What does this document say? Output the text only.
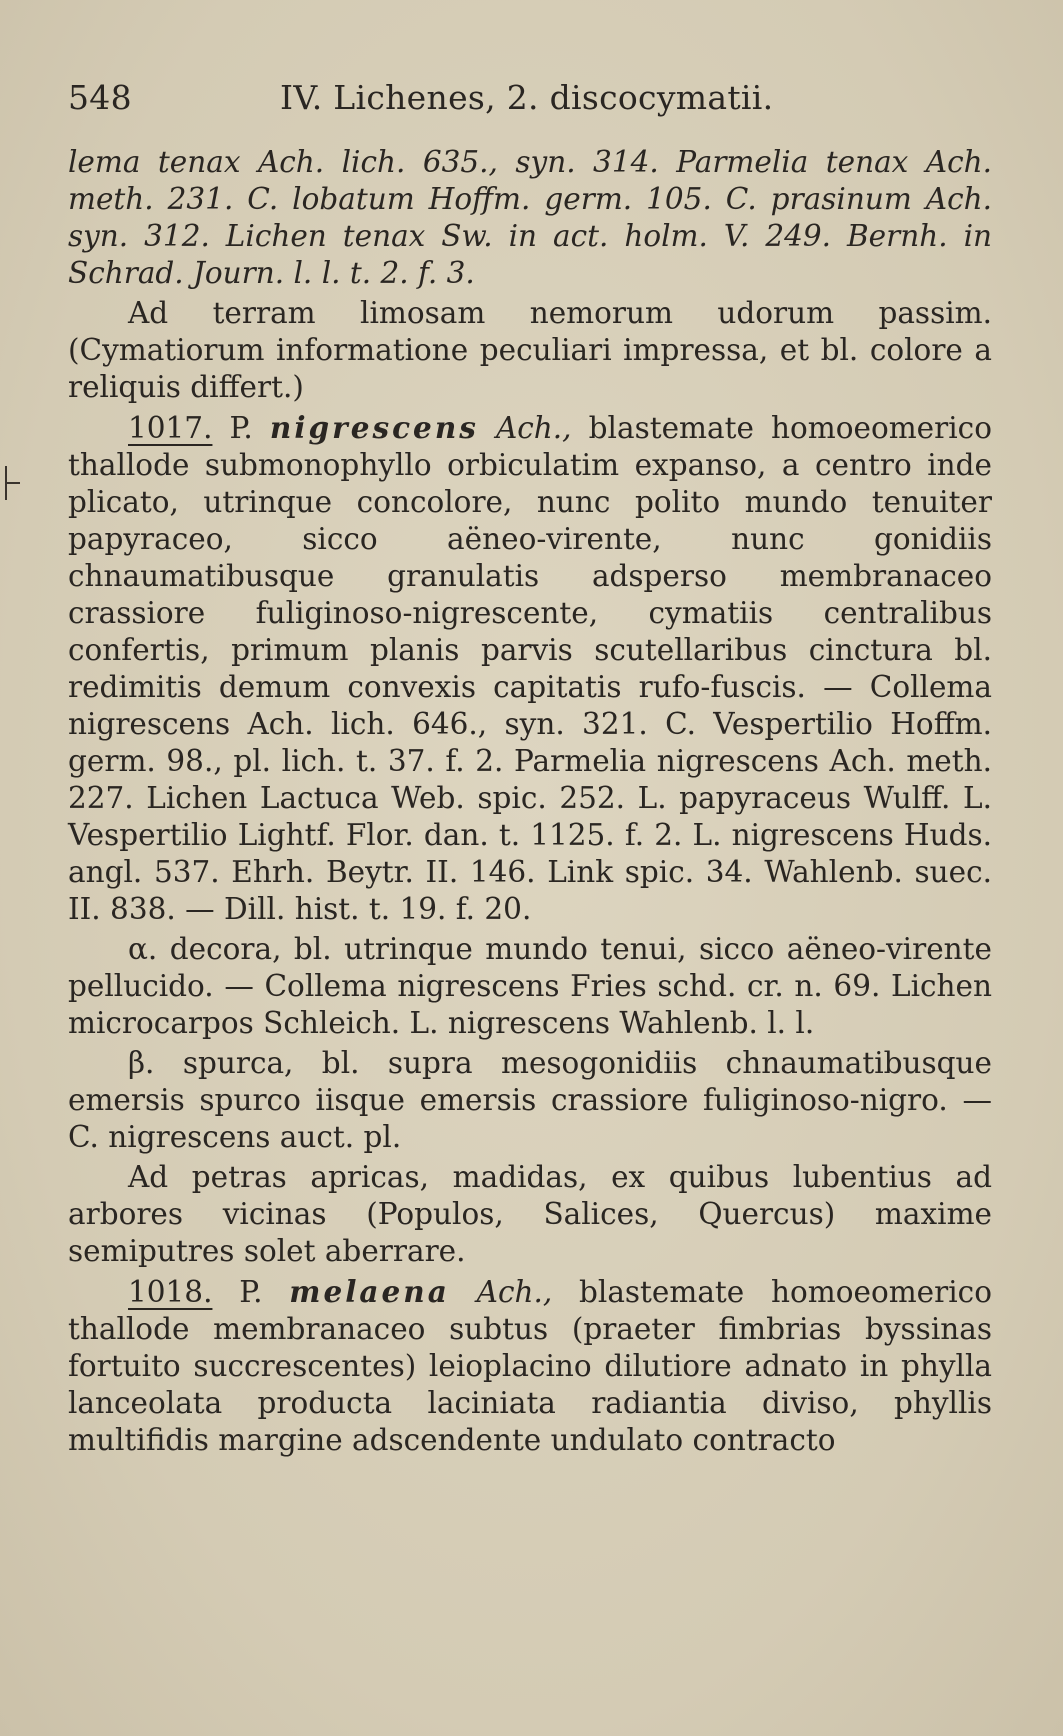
548	IV. Lichenes, 2. discocymatii.

lema tenax Ach. lich. 635., syn. 314. Parmelia tenax Ach. meth. 231. C. lobatum Hoffm. germ. 105. C. prasinum Ach. syn. 312. Lichen tenax Sw. in act. holm. V. 249. Bernh. in Schrad. Journ. l. l. t. 2. f. 3.

Ad terram limosam nemorum udorum passim. (Cymatiorum informatione peculiari impressa, et bl. colore a reliquis differt.)

1017. P. nigrescens Ach., blastemate homoeomerico thallode submonophyllo orbiculatim expanso, a centro inde plicato, utrinque concolore, nunc polito mundo tenuiter papyraceo, sicco aëneo-virente, nunc gonidiis chnaumatibusque granulatis adsperso membranaceo crassiore fuliginoso-nigrescente, cymatiis centralibus confertis, primum planis parvis scutellaribus cinctura bl. redimitis demum convexis capitatis rufo-fuscis. — Collema nigrescens Ach. lich. 646., syn. 321. C. Vespertilio Hoffm. germ. 98., pl. lich. t. 37. f. 2. Parmelia nigrescens Ach. meth. 227. Lichen Lactuca Web. spic. 252. L. papyraceus Wulff. L. Vespertilio Lightf. Flor. dan. t. 1125. f. 2. L. nigrescens Huds. angl. 537. Ehrh. Beytr. II. 146. Link spic. 34. Wahlenb. suec. II. 838. — Dill. hist. t. 19. f. 20.

α. decora, bl. utrinque mundo tenui, sicco aëneo-virente pellucido. — Collema nigrescens Fries schd. cr. n. 69. Lichen microcarpos Schleich. L. nigrescens Wahlenb. l. l.

β. spurca, bl. supra mesogonidiis chnaumatibusque emersis spurco iisque emersis crassiore fuliginoso-nigro. — C. nigrescens auct. pl.

Ad petras apricas, madidas, ex quibus lubentius ad arbores vicinas (Populos, Salices, Quercus) maxime semiputres solet aberrare.

1018. P. melaena Ach., blastemate homoeomerico thallode membranaceo subtus (praeter fimbrias byssinas fortuito succrescentes) leioplacino dilutiore adnato in phylla lanceolata producta laciniata radiantia diviso, phyllis multifidis margine adscendente undulato contracto
